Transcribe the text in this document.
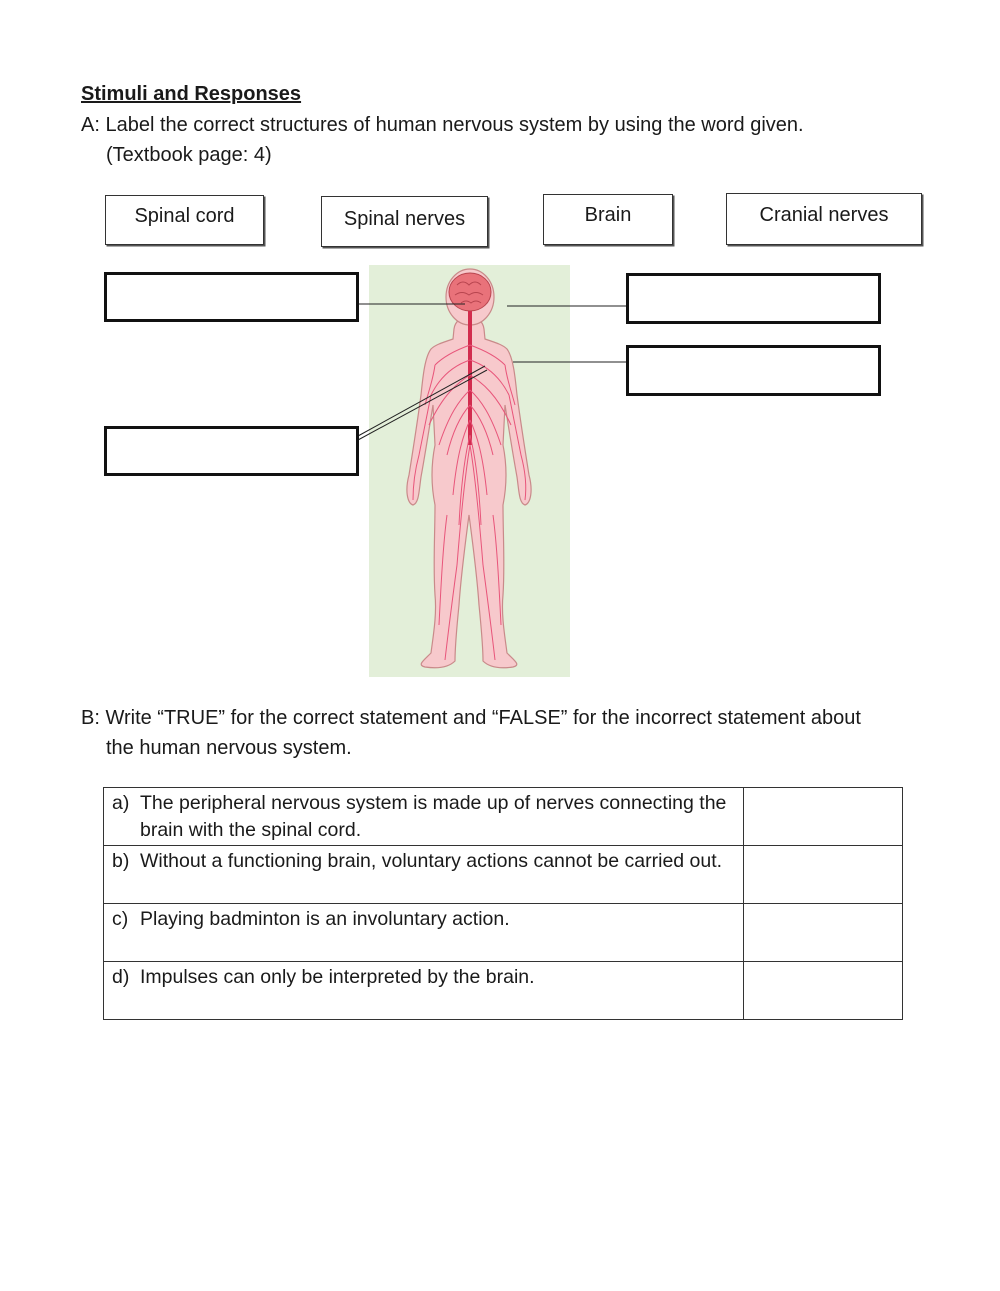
Stimuli and Responses

A: Label the correct structures of human nervous system by using the word given.

(Textbook page: 4)

Spinal cord	Spinal nerves	Brain	Cranial nerves

B: Write “TRUE” for the correct statement and “FALSE” for the incorrect statement about

the human nervous system.

a) The peripheral nervous system is made up of nerves connecting the brain with the spinal cord.	

b) Without a functioning brain, voluntary actions cannot be carried out.	

c) Playing badminton is an involuntary action.	

d) Impulses can only be interpreted by the brain.	
